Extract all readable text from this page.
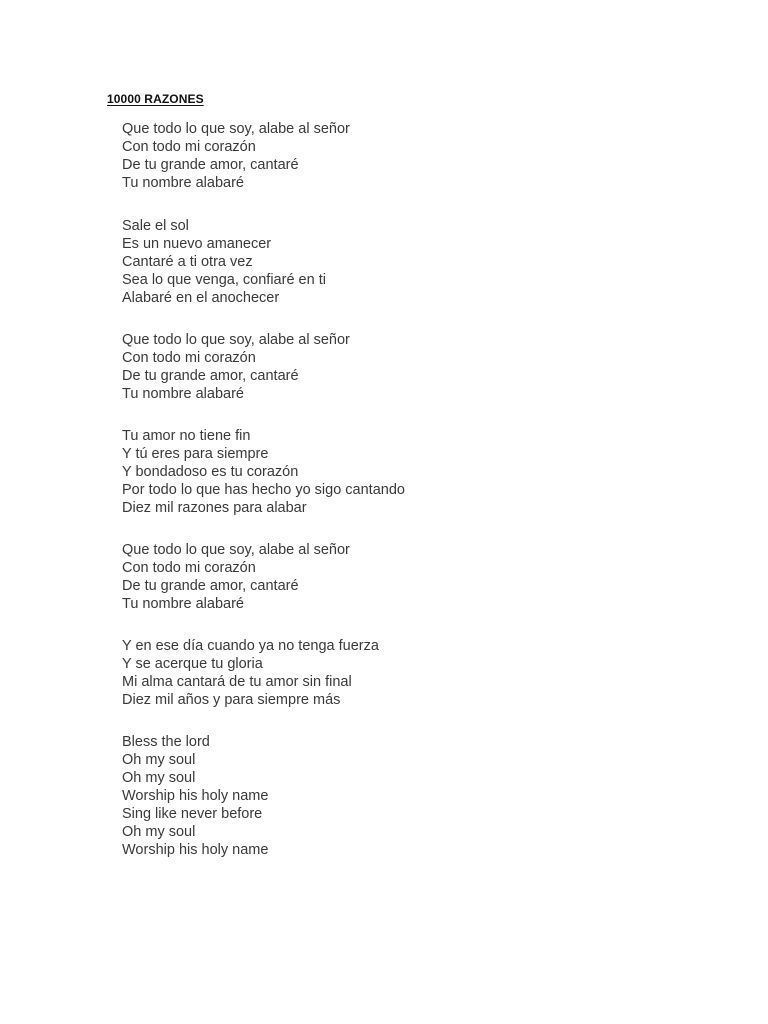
10000 RAZONES
Que todo lo que soy, alabe al señor
Con todo mi corazón
De tu grande amor, cantaré
Tu nombre alabaré
Sale el sol
Es un nuevo amanecer
Cantaré a ti otra vez
Sea lo que venga, confiaré en ti
Alabaré en el anochecer
Que todo lo que soy, alabe al señor
Con todo mi corazón
De tu grande amor, cantaré
Tu nombre alabaré
Tu amor no tiene fin
Y tú eres para siempre
Y bondadoso es tu corazón
Por todo lo que has hecho yo sigo cantando
Diez mil razones para alabar
Que todo lo que soy, alabe al señor
Con todo mi corazón
De tu grande amor, cantaré
Tu nombre alabaré
Y en ese día cuando ya no tenga fuerza
Y se acerque tu gloria
Mi alma cantará de tu amor sin final
Diez mil años y para siempre más
Bless the lord
Oh my soul
Oh my soul
Worship his holy name
Sing like never before
Oh my soul
Worship his holy name
